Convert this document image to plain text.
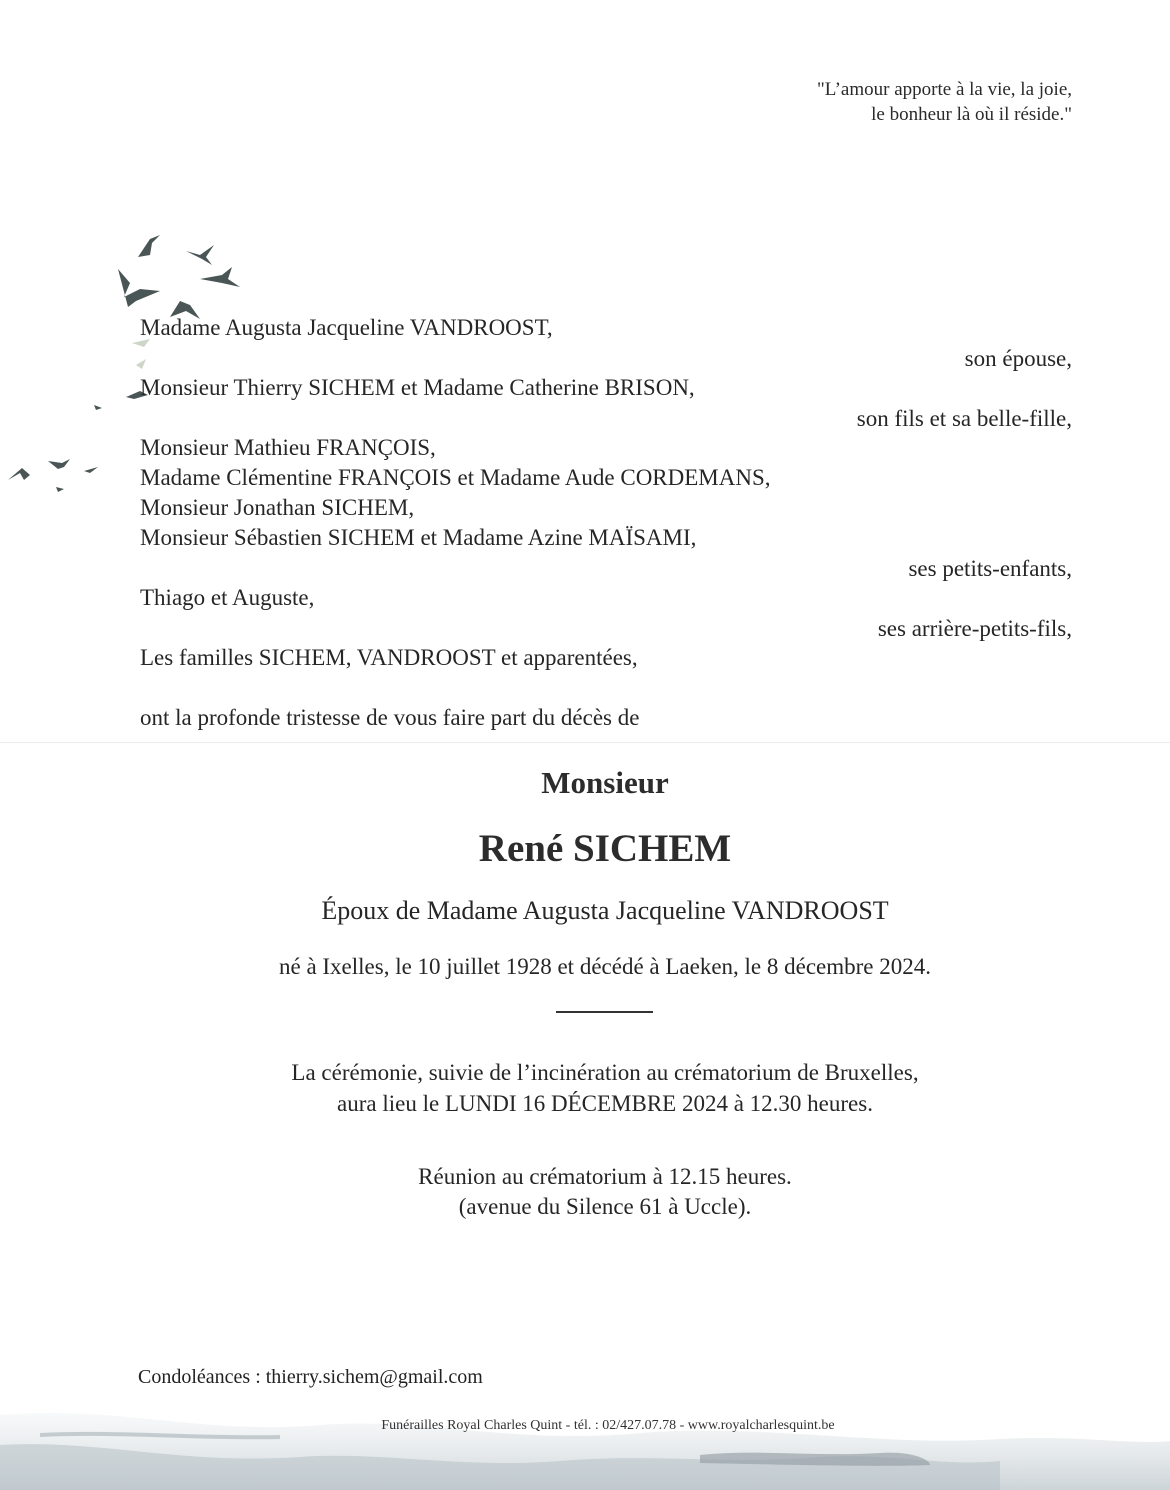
"L’amour apporte à la vie, la joie,
le bonheur là où il réside."
Madame Augusta Jacqueline VANDROOST,
son épouse,
Monsieur Thierry SICHEM et Madame Catherine BRISON,
son fils et sa belle-fille,
Monsieur Mathieu FRANÇOIS,
Madame Clémentine FRANÇOIS et Madame Aude CORDEMANS,
Monsieur Jonathan SICHEM,
Monsieur Sébastien SICHEM et Madame Azine MAÏSAMI,
ses petits-enfants,
Thiago et Auguste,
ses arrière-petits-fils,
Les familles SICHEM, VANDROOST et apparentées,
ont la profonde tristesse de vous faire part du décès de
Monsieur
René SICHEM
Époux de Madame Augusta Jacqueline VANDROOST
né à Ixelles, le 10 juillet 1928 et décédé à Laeken, le 8 décembre 2024.
La cérémonie, suivie de l’incinération au crématorium de Bruxelles,
aura lieu le LUNDI 16 DÉCEMBRE 2024 à 12.30 heures.
Réunion au crématorium à 12.15 heures.
(avenue du Silence 61 à Uccle).
Condoléances : thierry.sichem@gmail.com
Funérailles Royal Charles Quint - tél. : 02/427.07.78 - www.royalcharlesquint.be
